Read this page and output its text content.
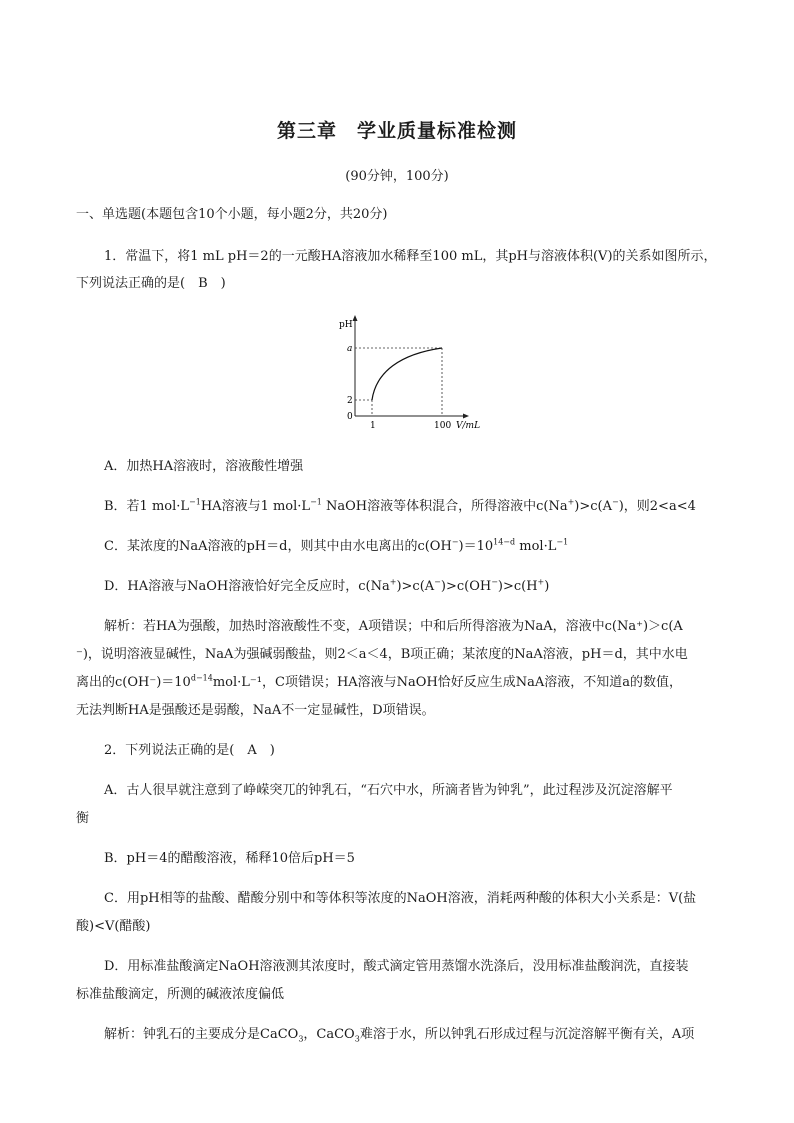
第三章　学业质量标准检测
(90分钟，100分)
一、单选题(本题包含10个小题，每小题2分，共20分)
1．常温下，将1 mL pH＝2的一元酸HA溶液加水稀释至100 mL，其pH与溶液体积(V)的关系如图所示，
下列说法正确的是(　B　)
pH
a
2
0
1	100 V/mL
A．加热HA溶液时，溶液酸性增强
B．若1 $mol\cdot L^{-1}HA$溶液与1 $mol\cdot L^{-1}$ NaOH溶液等体积混合，所得溶液中c(Na+)>c(A−)，则2<a<4
C．某浓度的NaA溶液的pH＝d，则其中由水电离出的$c(OH^-)=10^{14-d}$ $mol\cdot L^{-1}$
D．HA溶液与NaOH溶液恰好完全反应时，c(Na+)>c(A−)>c(OH−)>c(H+)
解析：若HA为强酸，加热时溶液酸性不变，A项错误；中和后所得溶液为NaA，溶液中c(Na⁺)＞c(A
⁻)，说明溶液显碱性，NaA为强碱弱酸盐，则2＜a＜4，B项正确；某浓度的NaA溶液，pH＝d，其中水电
离出的$c(OH^-)=10^{d-14}mol\cdot L^{-1}$，C项错误；HA溶液与NaOH恰好反应生成NaA溶液，不知道a的数值，
无法判断HA是强酸还是弱酸，NaA不一定显碱性，D项错误。
2．下列说法正确的是(　A　)
A．古人很早就注意到了峥嵘突兀的钟乳石，“石穴中水，所滴者皆为钟乳”，此过程涉及沉淀溶解平
衡
B．pH＝4的醋酸溶液，稀释10倍后pH＝5
C．用pH相等的盐酸、醋酸分别中和等体积等浓度的NaOH溶液，消耗两种酸的体积大小关系是：V(盐
酸)<V(醋酸)
D．用标准盐酸滴定NaOH溶液测其浓度时，酸式滴定管用蒸馏水洗涤后，没用标准盐酸润洗，直接装
标准盐酸滴定，所测的碱液浓度偏低
解析：钟乳石的主要成分是CaCO$_3$，CaCO$_3$难溶于水，所以钟乳石形成过程与沉淀溶解平衡有关，A项
